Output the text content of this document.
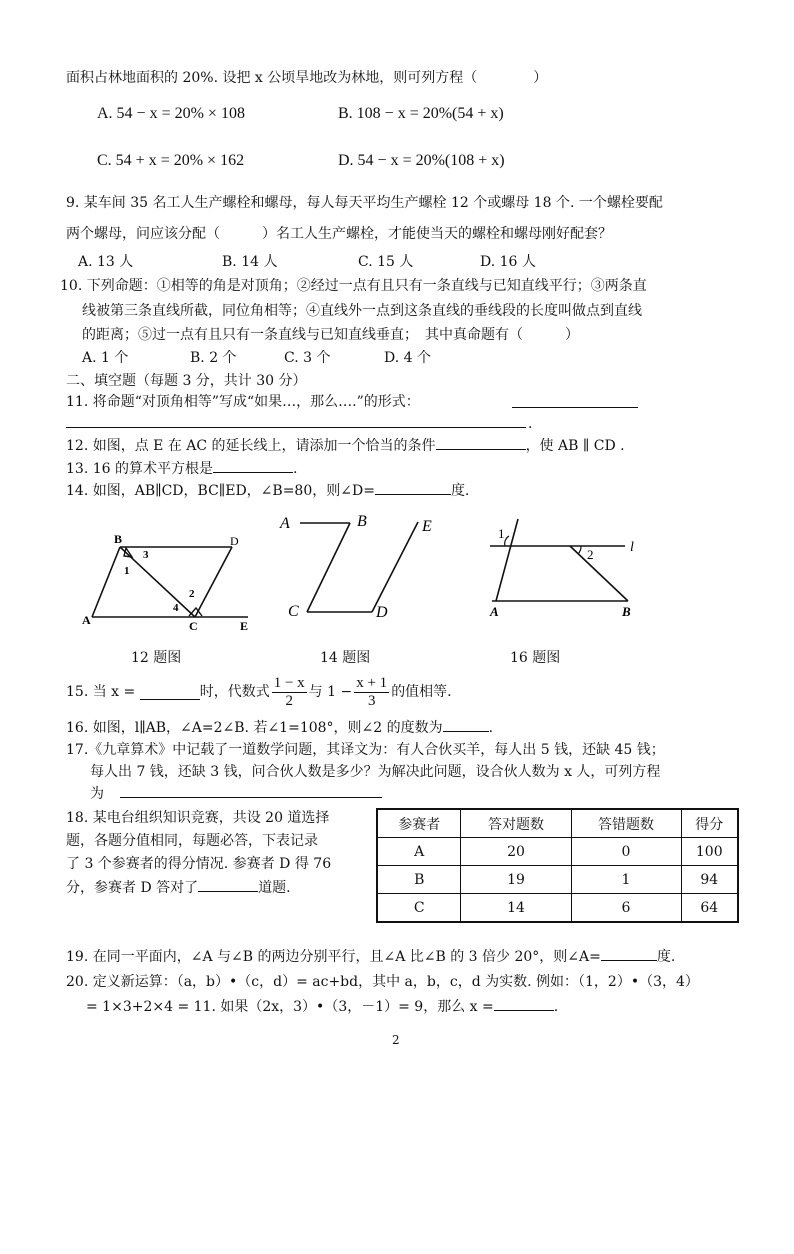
面积占林地面积的 20%. 设把 x 公顷旱地改为林地，则可列方程（　　　　）
A. 54 − x = 20% × 108	B. 108 − x = 20%(54 + x)
C. 54 + x = 20% × 162	D. 54 − x = 20%(108 + x)
9. 某车间 35 名工人生产螺栓和螺母，每人每天平均生产螺栓 12 个或螺母 18 个. 一个螺栓要配
两个螺母，问应该分配（　　　）名工人生产螺栓，才能使当天的螺栓和螺母刚好配套？
A. 13 人	B. 14 人	C. 15 人	D. 16 人
10. 下列命题：①相等的角是对顶角；②经过一点有且只有一条直线与已知直线平行；③两条直
线被第三条直线所截，同位角相等；④直线外一点到这条直线的垂线段的长度叫做点到直线
的距离；⑤过一点有且只有一条直线与已知直线垂直；　其中真命题有（　　　）
A. 1 个	B. 2 个	C. 3 个	D. 4 个
二、填空题（每题 3 分，共计 30 分）
11. 将命题“对顶角相等”写成“如果…，那么….”的形式：
.
12. 如图，点 E 在 AC 的延长线上，请添加一个恰当的条件	，使 AB ∥ CD .
13. 16 的算术平方根是	.
14. 如图，AB∥CD，BC∥ED，∠B=80，则∠D=	度.
B	D
1
3
2
4
A	C	E
A	B	E
C	D
1
2	l
A	B
12 题图	14 题图	16 题图
15. 当 x =	时，代数式 $\frac{1 - x}{2}$ 与 $1 - \frac{x + 1}{3}$ 的值相等.
16. 如图，l∥AB，∠A=2∠B. 若∠1=108°，则∠2 的度数为	.
17.《九章算术》中记载了一道数学问题，其译文为：有人合伙买羊，每人出 5 钱，还缺 45 钱；
每人出 7 钱，还缺 3 钱，问合伙人数是多少？为解决此问题，设合伙人数为 x 人，可列方程
为
18. 某电台组织知识竞赛，共设 20 道选择
题，各题分值相同，每题必答，下表记录
了 3 个参赛者的得分情况. 参赛者 D 得 76
分，参赛者 D 答对了	道题.
参赛者	答对题数	答错题数	得分
A	20	0	100
B	19	1	94
C	14	6	64
19. 在同一平面内，∠A 与∠B 的两边分别平行，且∠A 比∠B 的 3 倍少 20°，则∠A=	度.
20. 定义新运算：（a，b）•（c，d）= ac+bd，其中 a，b，c，d 为实数. 例如：（1，2）•（3，4）
= 1×3+2×4 = 11. 如果（2x，3）•（3，－1）= 9，那么 x =	.
2
